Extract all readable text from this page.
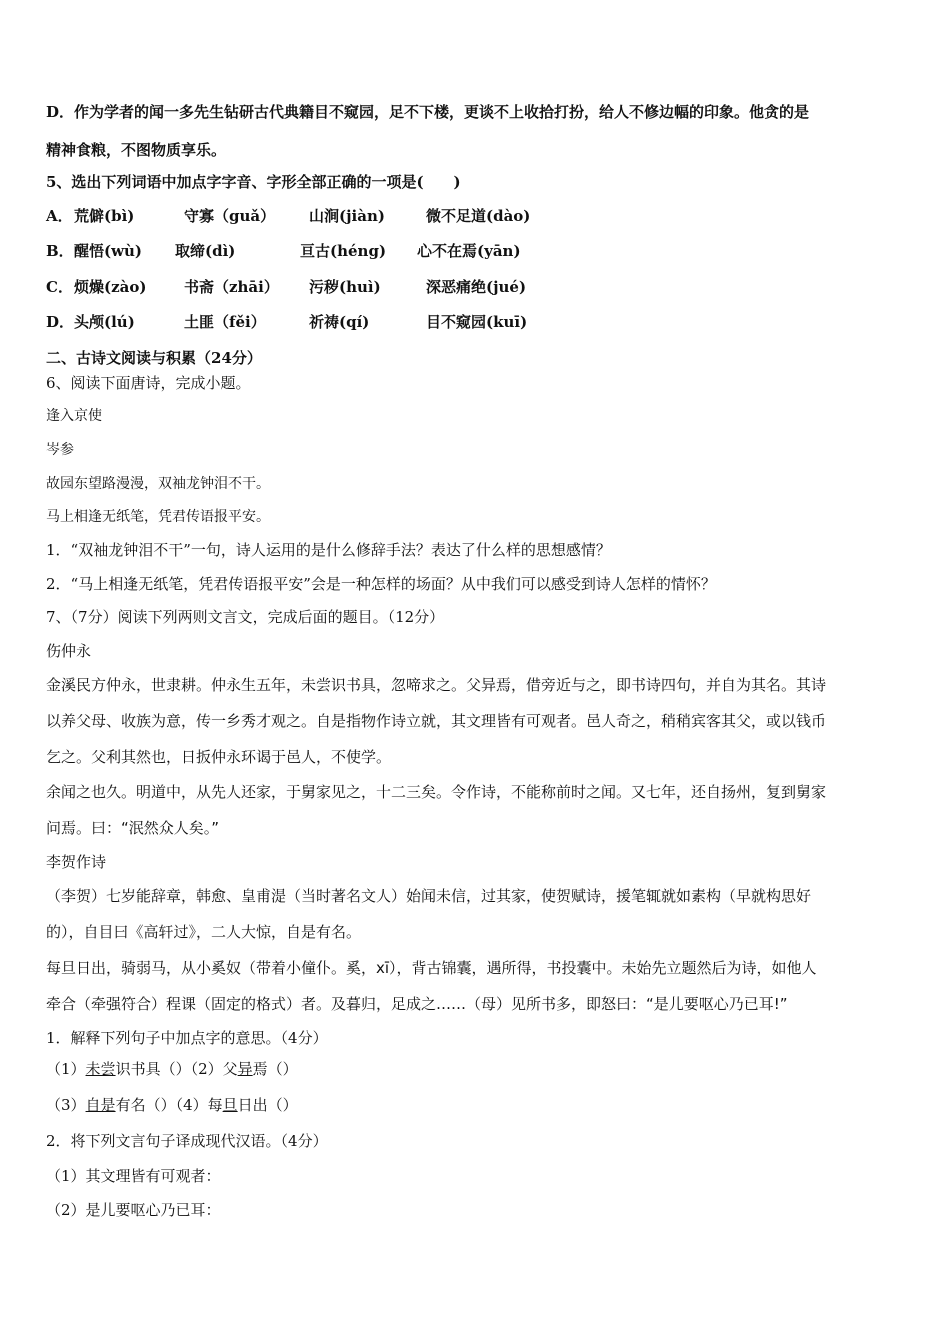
D．作为学者的闻一多先生钻研古代典籍目不窥园，足不下楼，更谈不上收拾打扮，给人不修边幅的印象。他贪的是
精神食粮，不图物质享乐。
5、选出下列词语中加点字字音、字形全部正确的一项是(　　)
A． 荒僻(bì)	守寡（guǎ） 山涧(jiàn)	微不足道(dào)
B． 醒悟(wù) 取缔(dì)	亘古(héng) 心不在焉(yān)
C． 烦燥(zào)	书斋（zhāi） 污秽(huì)	深恶痛绝(jué)
D． 头颅(lú)	土匪（fěi）	祈祷(qí)	目不窥园(kuī)
二、古诗文阅读与积累（24分）
6、阅读下面唐诗，完成小题。
逢入京使
岑参
故园东望路漫漫，双袖龙钟泪不干。
马上相逢无纸笔，凭君传语报平安。
1．“双袖龙钟泪不干”一句，诗人运用的是什么修辞手法？表达了什么样的思想感情？
2．“马上相逢无纸笔，凭君传语报平安”会是一种怎样的场面？从中我们可以感受到诗人怎样的情怀？
7、（7分）阅读下列两则文言文，完成后面的题目。（12分）
伤仲永
金溪民方仲永，世隶耕。仲永生五年，未尝识书具，忽啼求之。父异焉，借旁近与之，即书诗四句，并自为其名。其诗
以养父母、收族为意，传一乡秀才观之。自是指物作诗立就，其文理皆有可观者。邑人奇之，稍稍宾客其父，或以钱币
乞之。父利其然也，日扳仲永环谒于邑人，不使学。
余闻之也久。明道中，从先人还家，于舅家见之，十二三矣。令作诗，不能称前时之闻。又七年，还自扬州，复到舅家
问焉。曰：“泯然众人矣。”
李贺作诗
（李贺）七岁能辞章，韩愈、皇甫湜（当时著名文人）始闻未信，过其家，使贺赋诗，援笔辄就如素构（早就构思好
的），自目曰《高轩过》，二人大惊，自是有名。
每旦日出，骑弱马，从小奚奴（带着小僮仆。奚，xī），背古锦囊，遇所得，书投囊中。未始先立题然后为诗，如他人
牵合（牵强符合）程课（固定的格式）者。及暮归，足成之……（母）见所书多，即怒曰：“是儿要呕心乃已耳!”
1．解释下列句子中加点字的意思。（4分）
（1）未尝识书具（）（2）父异焉（）
（3）自是有名（）（4）每旦日出（）
2．将下列文言句子译成现代汉语。（4分）
（1）其文理皆有可观者：
（2）是儿要呕心乃已耳：
